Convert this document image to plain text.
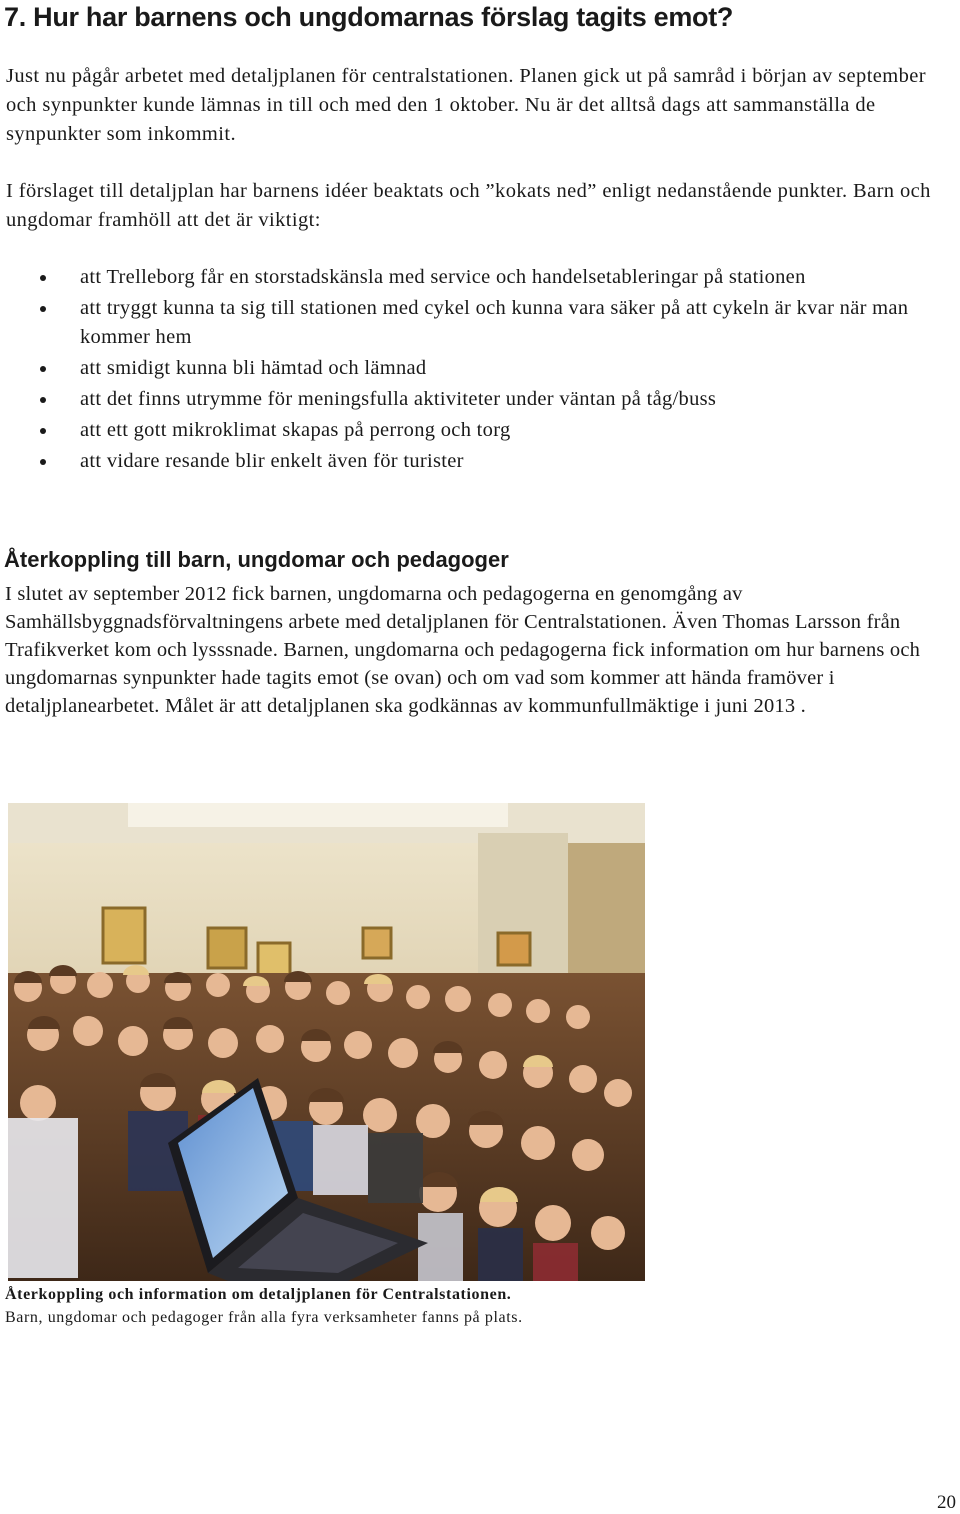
7. Hur har barnens och ungdomarnas förslag tagits emot?

Just nu pågår arbetet med detaljplanen för centralstationen. Planen gick ut på samråd i början av september och synpunkter kunde lämnas in till och med den 1 oktober. Nu är det alltså dags att sammanställa de synpunkter som inkommit.

I förslaget till detaljplan har barnens idéer beaktats och ”kokats ned” enligt nedanstående punkter. Barn och ungdomar framhöll att det är viktigt:

att Trelleborg får en storstadskänsla med service och handelsetableringar på stationen
att tryggt kunna ta sig till stationen med cykel och kunna vara säker på att cykeln är kvar när man kommer hem
att smidigt kunna bli hämtad och lämnad
att det finns utrymme för meningsfulla aktiviteter under väntan på tåg/buss
att ett gott mikroklimat skapas på perrong och torg
att vidare resande blir enkelt även för turister
Återkoppling till barn, ungdomar och pedagoger

I slutet av september 2012 fick barnen, ungdomarna och pedagogerna en genomgång av Samhällsbyggnadsförvaltningens arbete med detaljplanen för Centralstationen. Även Thomas Larsson från Trafikverket kom och lysssnade. Barnen, ungdomarna och pedagogerna fick information om hur barnens och ungdomarnas synpunkter hade tagits emot (se ovan) och om vad som kommer att hända framöver i detaljplanearbetet. Målet är att detaljplanen ska godkännas av kommunfullmäktige i juni 2013 .

Återkoppling och information om detaljplanen för Centralstationen.
Barn, ungdomar och pedagoger från alla fyra verksamheter fanns på plats.

20
